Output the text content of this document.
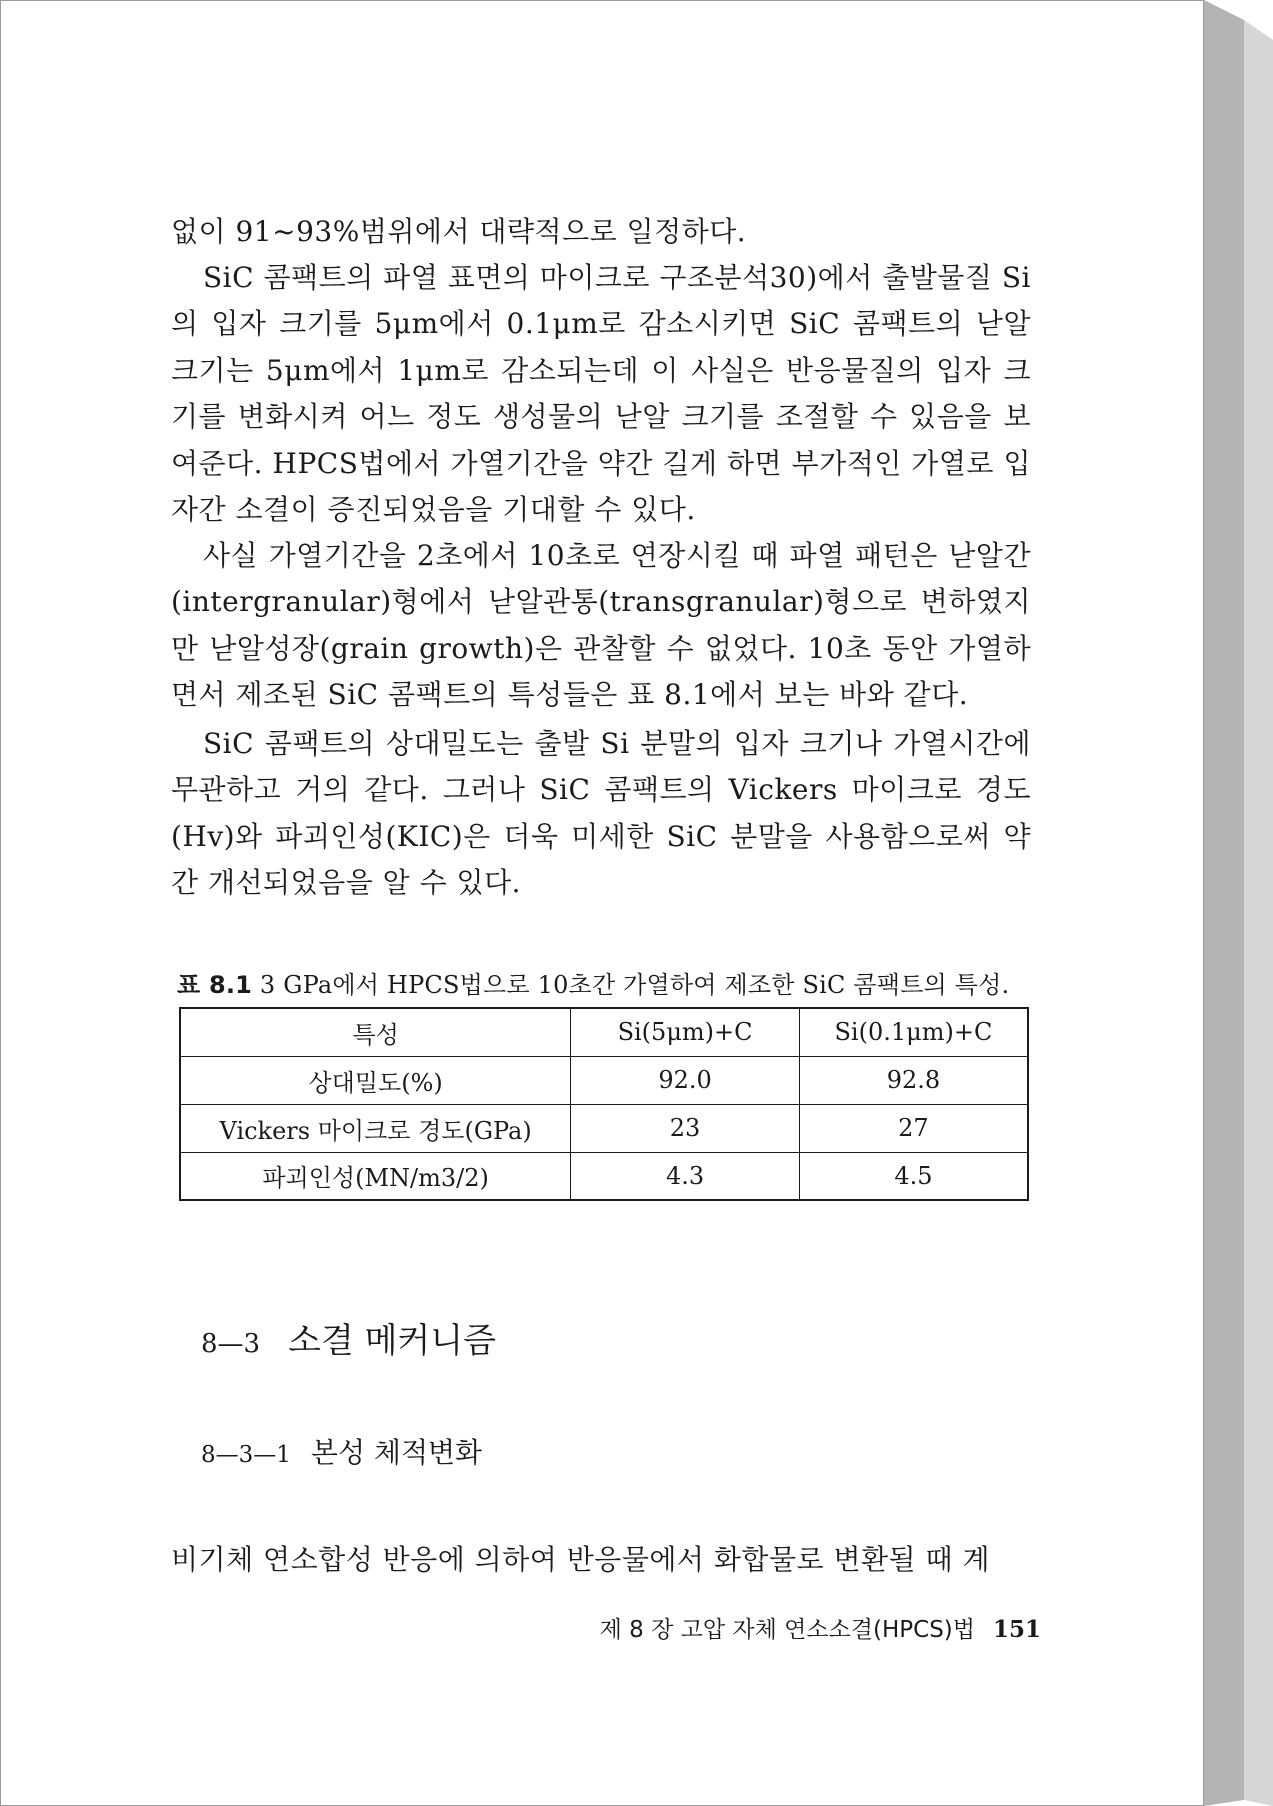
없이 91~93%범위에서 대략적으로 일정하다.

SiC 콤팩트의 파열 표면의 마이크로 구조분석30)에서 출발물질 Si의 입자 크기를 5μm에서 0.1μm로 감소시키면 SiC 콤팩트의 낟알 크기는 5μm에서 1μm로 감소되는데 이 사실은 반응물질의 입자 크기를 변화시켜 어느 정도 생성물의 낟알 크기를 조절할 수 있음을 보여준다. HPCS법에서 가열기간을 약간 길게 하면 부가적인 가열로 입자간 소결이 증진되었음을 기대할 수 있다.

사실 가열기간을 2초에서 10초로 연장시킬 때 파열 패턴은 낟알간(intergranular)형에서 낟알관통(transgranular)형으로 변하였지만 낟알성장(grain growth)은 관찰할 수 없었다. 10초 동안 가열하면서 제조된 SiC 콤팩트의 특성들은 표 8.1에서 보는 바와 같다.

SiC 콤팩트의 상대밀도는 출발 Si 분말의 입자 크기나 가열시간에 무관하고 거의 같다. 그러나 SiC 콤팩트의 Vickers 마이크로 경도(Hv)와 파괴인성(KIC)은 더욱 미세한 SiC 분말을 사용함으로써 약간 개선되었음을 알 수 있다.

표 8.1 3 GPa에서 HPCS법으로 10초간 가열하여 제조한 SiC 콤팩트의 특성.
특성	Si(5μm)+C	Si(0.1μm)+C
상대밀도(%)	92.0	92.8
Vickers 마이크로 경도(GPa)	23	27
파괴인성(MN/m3/2)	4.3	4.5
8—3 소결 메커니즘
8—3—1 본성 체적변화

비기체 연소합성 반응에 의하여 반응물에서 화합물로 변환될 때 계

제 8 장 고압 자체 연소소결(HPCS)법 151
